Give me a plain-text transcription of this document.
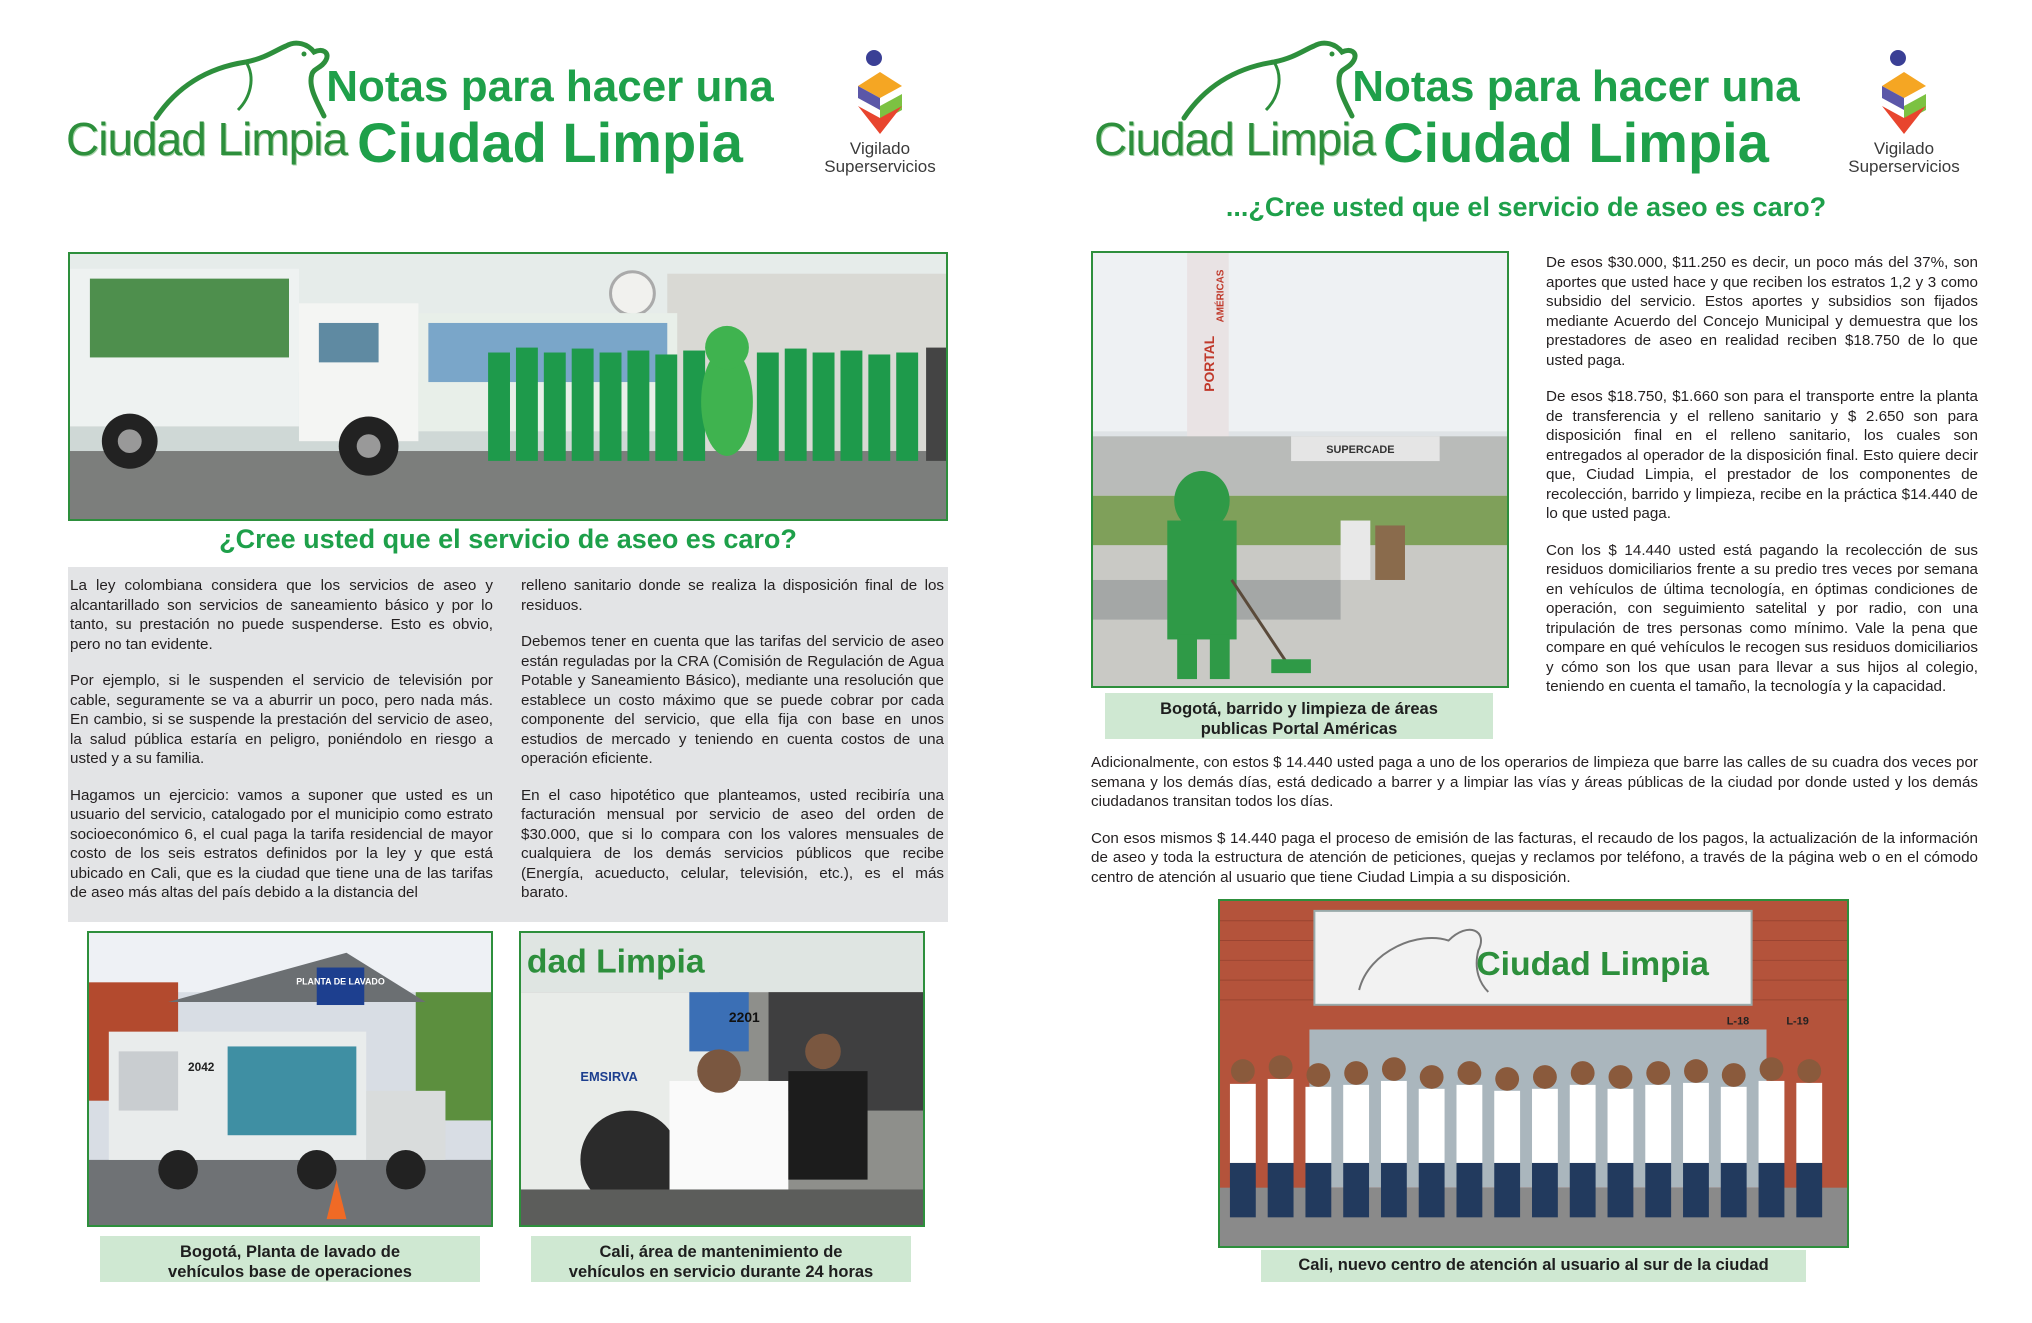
Ciudad Limpia
Notas para hacer una
Ciudad Limpia	Vigilado
Superservicios
¿Cree usted que el servicio de aseo es caro?

La ley colombiana considera que los servicios de aseo y alcantarillado son servicios de saneamiento básico y por lo tanto, su prestación no puede suspenderse. Esto es obvio, pero no tan evidente.

Por ejemplo, si le suspenden el servicio de televisión por cable, seguramente se va a aburrir un poco, pero nada más. En cambio, si se suspende la prestación del servicio de aseo, la salud pública estaría en peligro, poniéndolo en riesgo a usted y a su familia.

Hagamos un ejercicio: vamos a suponer que usted es un usuario del servicio, catalogado por el municipio como estrato socioeconómico 6, el cual paga la tarifa residencial de mayor costo de los seis estratos definidos por la ley y que está ubicado en Cali, que es la ciudad que tiene una de las tarifas de aseo más altas del país debido a la distancia del

relleno sanitario donde se realiza la disposición final de los residuos.

Debemos tener en cuenta que las tarifas del servicio de aseo están reguladas por la CRA (Comisión de Regulación de Agua Potable y Saneamiento Básico), mediante una resolución que establece un costo máximo que se puede cobrar por cada componente del servicio, que ella fija con base en unos estudios de mercado y teniendo en cuenta costos de una operación eficiente.

En el caso hipotético que planteamos, usted recibiría una facturación mensual por servicio de aseo del orden de $30.000, que si lo compara con los valores mensuales de cualquiera de los demás servicios públicos que recibe (Energía, acueducto, celular, televisión, etc.), es el más barato.

PLANTA DE LAVADO
2042
Bogotá, Planta de lavado de
vehículos base de operaciones
dad Limpia
2201
EMSIRVA
Cali, área de mantenimiento de
vehículos en servicio durante 24 horas
Ciudad Limpia
Notas para hacer una
Ciudad Limpia	Vigilado
Superservicios
...¿Cree usted que el servicio de aseo es caro?
PORTAL
AMÉRICAS
SUPERCADE
Bogotá, barrido y limpieza de áreas
publicas Portal Américas

De esos $30.000, $11.250 es decir, un poco más del 37%, son aportes que usted hace y que reciben los estratos 1,2 y 3 como subsidio del servicio. Estos aportes y subsidios son fijados mediante Acuerdo del Concejo Municipal y demuestra que los prestadores de aseo en realidad reciben $18.750 de lo que usted paga.

De esos $18.750, $1.660 son para el transporte entre la planta de transferencia y el relleno sanitario y $ 2.650 son para disposición final en el relleno sanitario, los cuales son entregados al operador de la disposición final. Esto quiere decir que, Ciudad Limpia, el prestador de los componentes de recolección, barrido y limpieza, recibe en la práctica $14.440 de lo que usted paga.

Con los $ 14.440 usted está pagando la recolección de sus residuos domiciliarios frente a su predio tres veces por semana en vehículos de última tecnología, en óptimas condiciones de operación, con seguimiento satelital y por radio, con una tripulación de tres personas como mínimo. Vale la pena que compare en qué vehículos le recogen sus residuos domiciliarios y cómo son los que usan para llevar a sus hijos al colegio, teniendo en cuenta el tamaño, la tecnología y la capacidad.

Adicionalmente, con estos $ 14.440 usted paga a uno de los operarios de limpieza que barre las calles de su cuadra dos veces por semana y los demás días, está dedicado a barrer y a limpiar las vías y áreas públicas de la ciudad por donde usted y los demás ciudadanos transitan todos los días.

Con esos mismos $ 14.440 paga el proceso de emisión de las facturas, el recaudo de los pagos, la actualización de la información de aseo y toda la estructura de atención de peticiones, quejas y reclamos por teléfono, a través de la página web o en el cómodo centro de atención al usuario que tiene Ciudad Limpia a su disposición.

Ciudad Limpia
L-18	L-19
Cali, nuevo centro de atención al usuario al sur de la ciudad
